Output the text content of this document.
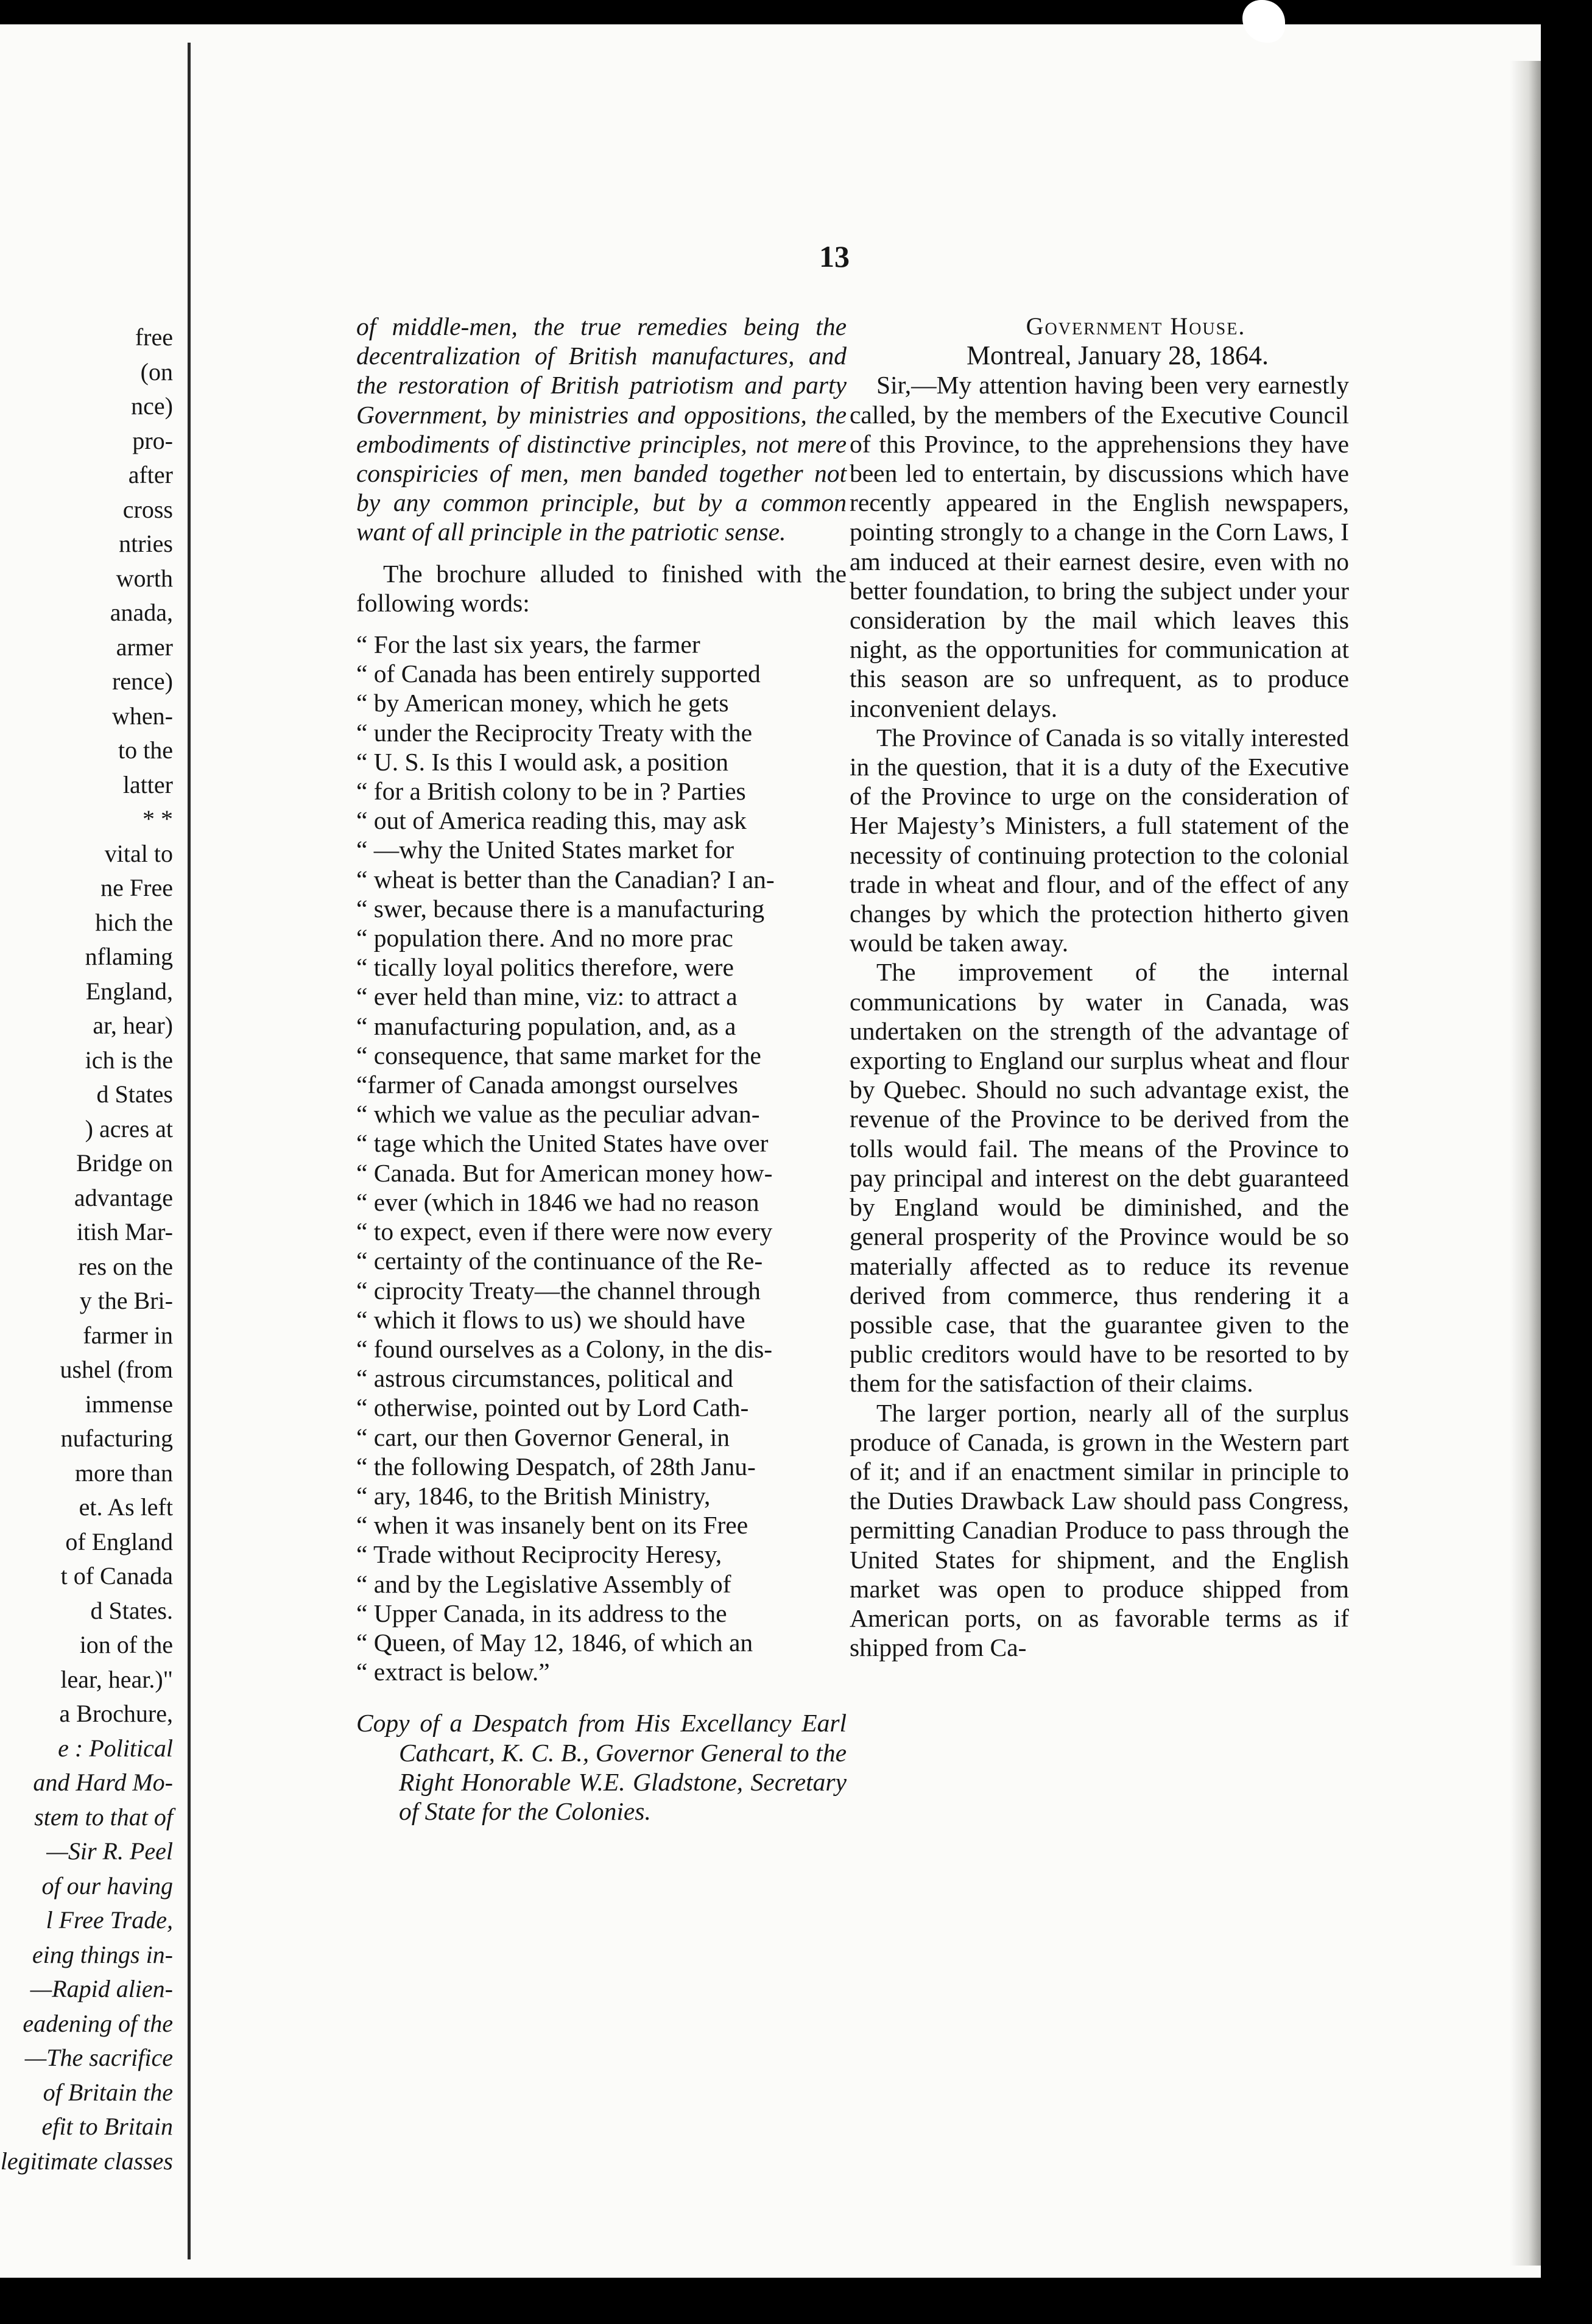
free
(on
nce)
pro-
after
cross
ntries
worth
anada,
armer
rence)
when-
to the
latter
* *
vital to
ne Free
hich the
nflaming
England,
ar, hear)
ich is the
d States
) acres at
Bridge on
advantage
itish Mar-
res on the
y the Bri-
farmer in
ushel (from
immense
nufacturing
more than
et. As left
of England
t of Canada
d States.
ion of the
lear, hear.)"
a Brochure,
e : Political
and Hard Mo-
stem to that of
—Sir R. Peel
of our having
l Free Trade,
eing things in-
—Rapid alien-
eadening of the
—The sacrifice
of Britain the
efit to Britain
legitimate classes
13

of middle-men, the true remedies being the decentralization of British manufactures, and the restoration of British patriotism and party Government, by ministries and oppositions, the embodiments of distinctive principles, not mere conspiricies of men, men banded together not by any common principle, but by a common want of all principle in the patriotic sense.

The brochure alluded to finished with the following words:

“ For the last six years, the farmer

“ of Canada has been entirely supported

“ by American money, which he gets

“ under the Reciprocity Treaty with the

“ U. S. Is this I would ask, a position

“ for a British colony to be in ? Parties

“ out of America reading this, may ask

“ —why the United States market for

“ wheat is better than the Canadian? I an-

“ swer, because there is a manufacturing

“ population there. And no more prac

“ tically loyal politics therefore, were

“ ever held than mine, viz: to attract a

“ manufacturing population, and, as a

“ consequence, that same market for the

“farmer of Canada amongst ourselves

“ which we value as the peculiar advan-

“ tage which the United States have over

“ Canada. But for American money how-

“ ever (which in 1846 we had no reason

“ to expect, even if there were now every

“ certainty of the continuance of the Re-

“ ciprocity Treaty—the channel through

“ which it flows to us) we should have

“ found ourselves as a Colony, in the dis-

“ astrous circumstances, political and

“ otherwise, pointed out by Lord Cath-

“ cart, our then Governor General, in

“ the following Despatch, of 28th Janu-

“ ary, 1846, to the British Ministry,

“ when it was insanely bent on its Free

“ Trade without Reciprocity Heresy,

“ and by the Legislative Assembly of

“ Upper Canada, in its address to the

“ Queen, of May 12, 1846, of which an

“ extract is below.”

Copy of a Despatch from His Excellancy Earl Cathcart, K. C. B., Governor General to the Right Honorable W.E. Gladstone, Secretary of State for the Colonies.

Government House.

Montreal, January 28, 1864.

Sir,—My attention having been very earnestly called, by the members of the Executive Council of this Province, to the apprehensions they have been led to entertain, by discussions which have recently appeared in the English newspapers, pointing strongly to a change in the Corn Laws, I am induced at their earnest desire, even with no better foundation, to bring the subject under your consideration by the mail which leaves this night, as the opportunities for communication at this season are so unfrequent, as to produce inconvenient delays.

The Province of Canada is so vitally interested in the question, that it is a duty of the Executive of the Province to urge on the consideration of Her Majesty’s Ministers, a full statement of the necessity of continuing protection to the colonial trade in wheat and flour, and of the effect of any changes by which the protection hitherto given would be taken away.

The improvement of the internal communications by water in Canada, was undertaken on the strength of the advantage of exporting to England our surplus wheat and flour by Quebec. Should no such advantage exist, the revenue of the Province to be derived from the tolls would fail. The means of the Province to pay principal and interest on the debt guaranteed by England would be diminished, and the general prosperity of the Province would be so materially affected as to reduce its revenue derived from commerce, thus rendering it a possible case, that the guarantee given to the public creditors would have to be resorted to by them for the satisfaction of their claims.

The larger portion, nearly all of the surplus produce of Canada, is grown in the Western part of it; and if an enactment similar in principle to the Duties Drawback Law should pass Congress, permitting Canadian Produce to pass through the United States for shipment, and the English market was open to produce shipped from American ports, on as favorable terms as if shipped from Ca-
